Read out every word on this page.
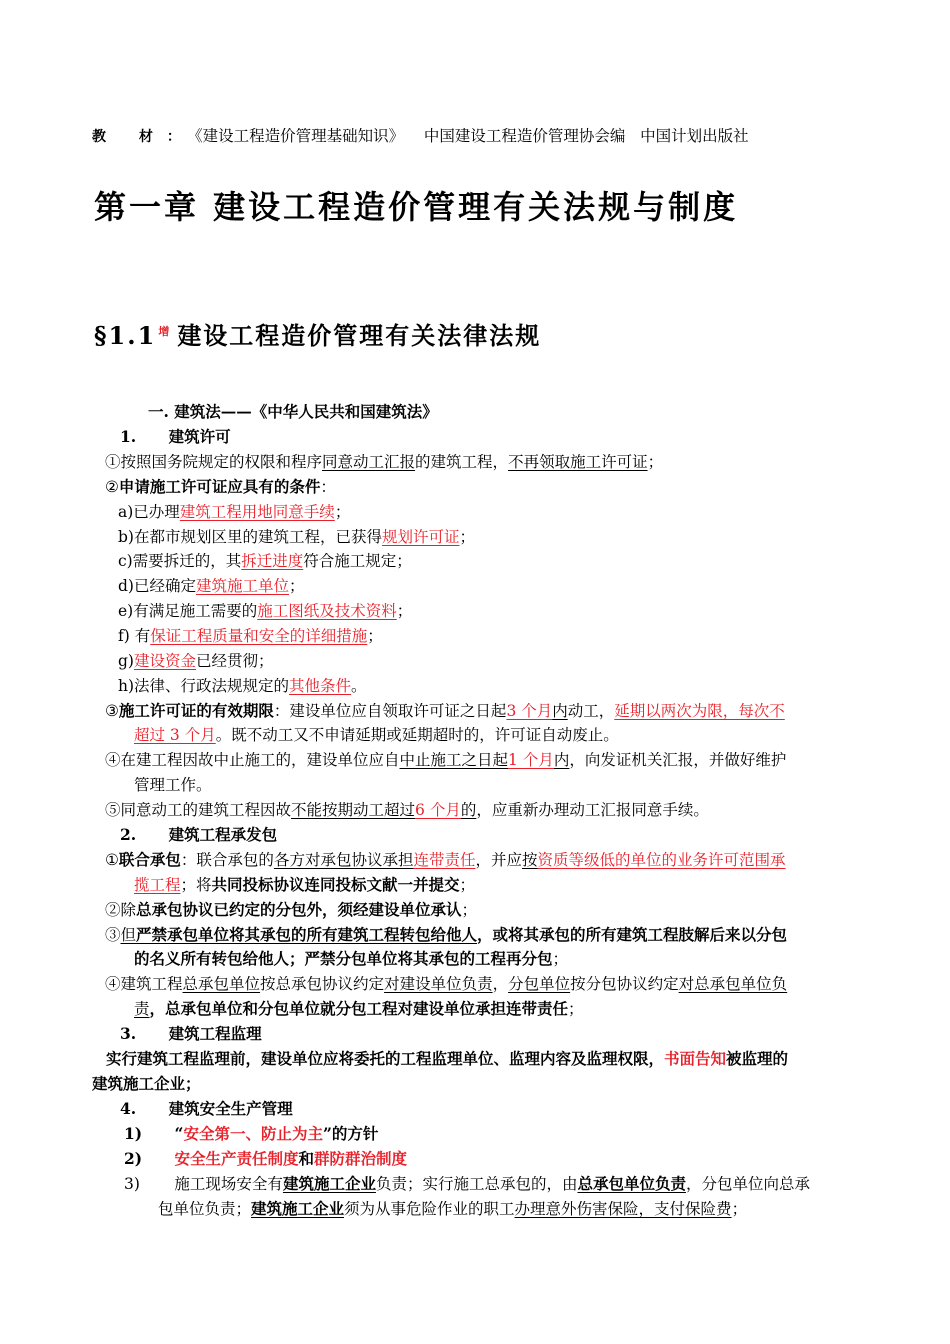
教 材：《建设工程造价管理基础知识》 中国建设工程造价管理协会编 中国计划出版社
第一章 建设工程造价管理有关法规与制度
§1.1 $^增$ 建设工程造价管理有关法律法规
一. 建筑法——《中华人民共和国建筑法》
1. 建筑许可
①按照国务院规定的权限和程序同意动工汇报的建筑工程，不再领取施工许可证；
②申请施工许可证应具有的条件：
a)已办理建筑工程用地同意手续；
b)在都市规划区里的建筑工程，已获得规划许可证；
c)需要拆迁的，其拆迁进度符合施工规定；
d)已经确定建筑施工单位；
e)有满足施工需要的施工图纸及技术资料；
f) 有保证工程质量和安全的详细措施；
g)建设资金已经贯彻；
h)法律、行政法规规定的其他条件。
③施工许可证的有效期限：建设单位应自领取许可证之日起3 个月内动工，延期以两次为限，每次不
超过 3 个月。既不动工又不申请延期或延期超时的，许可证自动废止。
④在建工程因故中止施工的，建设单位应自中止施工之日起1 个月内，向发证机关汇报，并做好维护
管理工作。
⑤同意动工的建筑工程因故不能按期动工超过6 个月的，应重新办理动工汇报同意手续。
2. 建筑工程承发包
①联合承包：联合承包的各方对承包协议承担连带责任，并应按资质等级低的单位的业务许可范围承
揽工程；将共同投标协议连同投标文献一并提交；
②除总承包协议已约定的分包外，须经建设单位承认；
③但严禁承包单位将其承包的所有建筑工程转包给他人，或将其承包的所有建筑工程肢解后来以分包
的名义所有转包给他人；严禁分包单位将其承包的工程再分包；
④建筑工程总承包单位按总承包协议约定对建设单位负责，分包单位按分包协议约定对总承包单位负
责，总承包单位和分包单位就分包工程对建设单位承担连带责任；
3. 建筑工程监理
实行建筑工程监理前，建设单位应将委托的工程监理单位、监理内容及监理权限，书面告知被监理的
建筑施工企业；
4. 建筑安全生产管理
1) “安全第一、防止为主”的方针
2) 安全生产责任制度和群防群治制度
3) 施工现场安全有建筑施工企业负责；实行施工总承包的，由总承包单位负责，分包单位向总承
包单位负责；建筑施工企业须为从事危险作业的职工办理意外伤害保险，支付保险费；
